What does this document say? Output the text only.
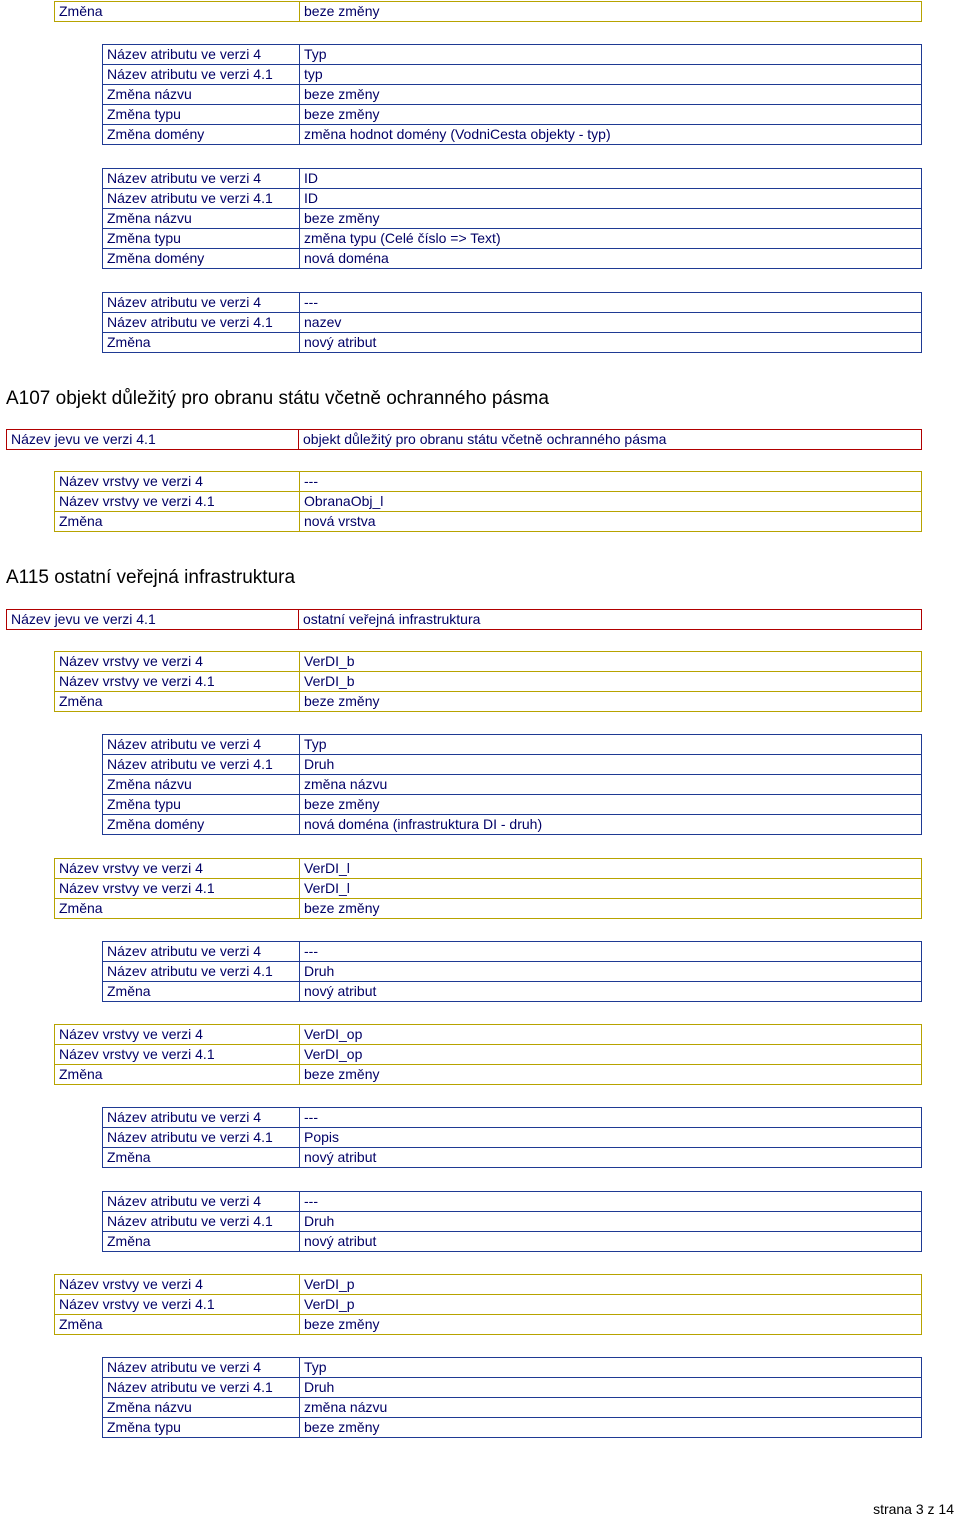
Změna	beze změny
Název atributu ve verzi 4	Typ
Název atributu ve verzi 4.1	typ
Změna názvu	beze změny
Změna typu	beze změny
Změna domény	změna hodnot domény (VodniCesta objekty - typ)
Název atributu ve verzi 4	ID
Název atributu ve verzi 4.1	ID
Změna názvu	beze změny
Změna typu	změna typu (Celé číslo => Text)
Změna domény	nová doména
Název atributu ve verzi 4	---
Název atributu ve verzi 4.1	nazev
Změna	nový atribut
A107 objekt důležitý pro obranu státu včetně ochranného pásma
Název jevu ve verzi 4.1	objekt důležitý pro obranu státu včetně ochranného pásma
Název vrstvy ve verzi 4	---
Název vrstvy ve verzi 4.1	ObranaObj_l
Změna	nová vrstva
A115 ostatní veřejná infrastruktura
Název jevu ve verzi 4.1	ostatní veřejná infrastruktura
Název vrstvy ve verzi 4	VerDI_b
Název vrstvy ve verzi 4.1	VerDI_b
Změna	beze změny
Název atributu ve verzi 4	Typ
Název atributu ve verzi 4.1	Druh
Změna názvu	změna názvu
Změna typu	beze změny
Změna domény	nová doména (infrastruktura DI - druh)
Název vrstvy ve verzi 4	VerDI_l
Název vrstvy ve verzi 4.1	VerDI_l
Změna	beze změny
Název atributu ve verzi 4	---
Název atributu ve verzi 4.1	Druh
Změna	nový atribut
Název vrstvy ve verzi 4	VerDI_op
Název vrstvy ve verzi 4.1	VerDI_op
Změna	beze změny
Název atributu ve verzi 4	---
Název atributu ve verzi 4.1	Popis
Změna	nový atribut
Název atributu ve verzi 4	---
Název atributu ve verzi 4.1	Druh
Změna	nový atribut
Název vrstvy ve verzi 4	VerDI_p
Název vrstvy ve verzi 4.1	VerDI_p
Změna	beze změny
Název atributu ve verzi 4	Typ
Název atributu ve verzi 4.1	Druh
Změna názvu	změna názvu
Změna typu	beze změny
strana 3 z 14
